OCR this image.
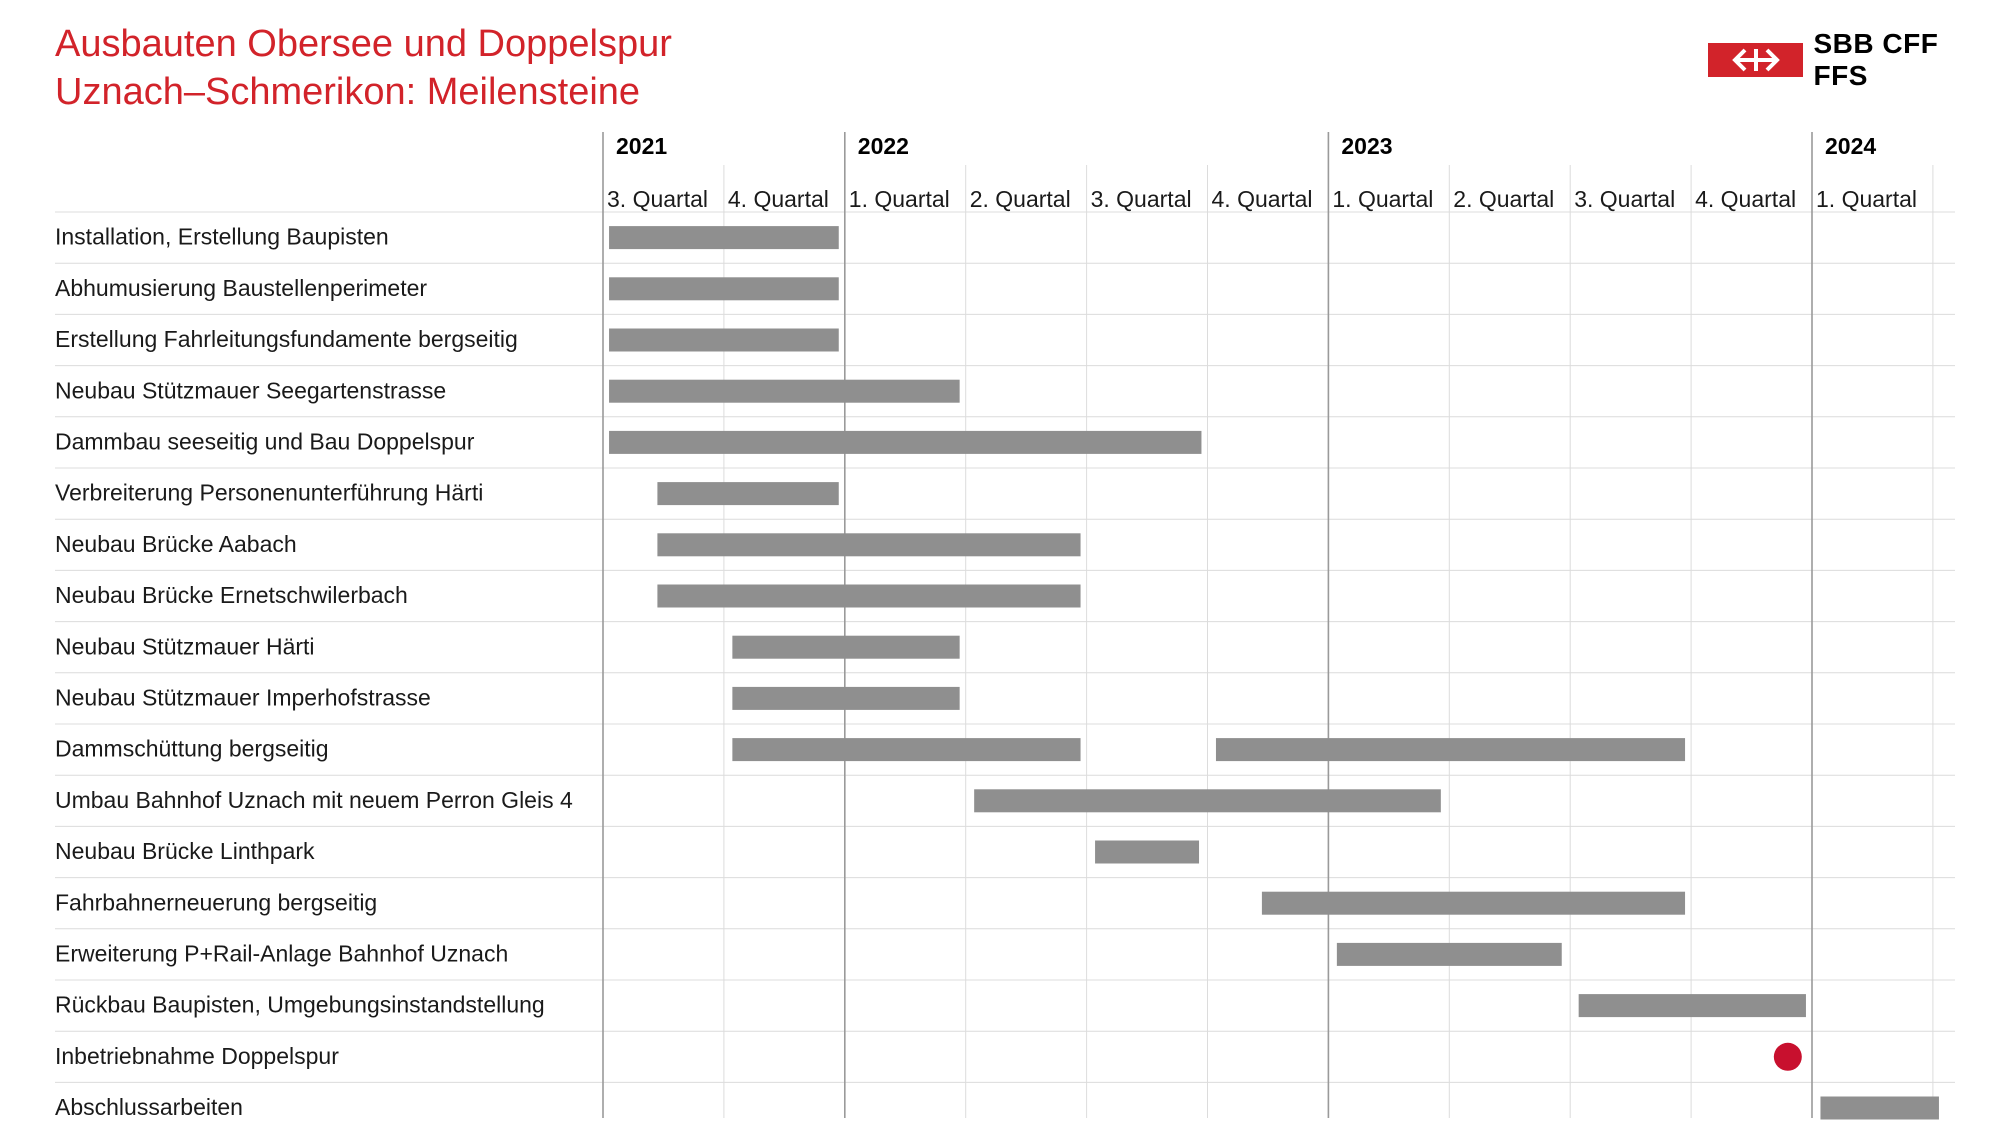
Ausbauten Obersee und Doppelspur
Uznach–Schmerikon: Meilensteine
SBB CFF FFS
2021	2022	2023	2024
3. Quartal 4. Quartal 1. Quartal 2. Quartal 3. Quartal 4. Quartal 1. Quartal 2. Quartal 3. Quartal 4. Quartal 1. Quartal
Installation, Erstellung Baupisten
Abhumusierung Baustellenperimeter
Erstellung Fahrleitungsfundamente bergseitig
Neubau Stützmauer Seegartenstrasse
Dammbau seeseitig und Bau Doppelspur
Verbreiterung Personenunterführung Härti
Neubau Brücke Aabach
Neubau Brücke Ernetschwilerbach
Neubau Stützmauer Härti
Neubau Stützmauer Imperhofstrasse
Dammschüttung bergseitig
Umbau Bahnhof Uznach mit neuem Perron Gleis 4
Neubau Brücke Linthpark
Fahrbahnerneuerung bergseitig
Erweiterung P+Rail-Anlage Bahnhof Uznach
Rückbau Baupisten, Umgebungsinstandstellung
Inbetriebnahme Doppelspur
Abschlussarbeiten
